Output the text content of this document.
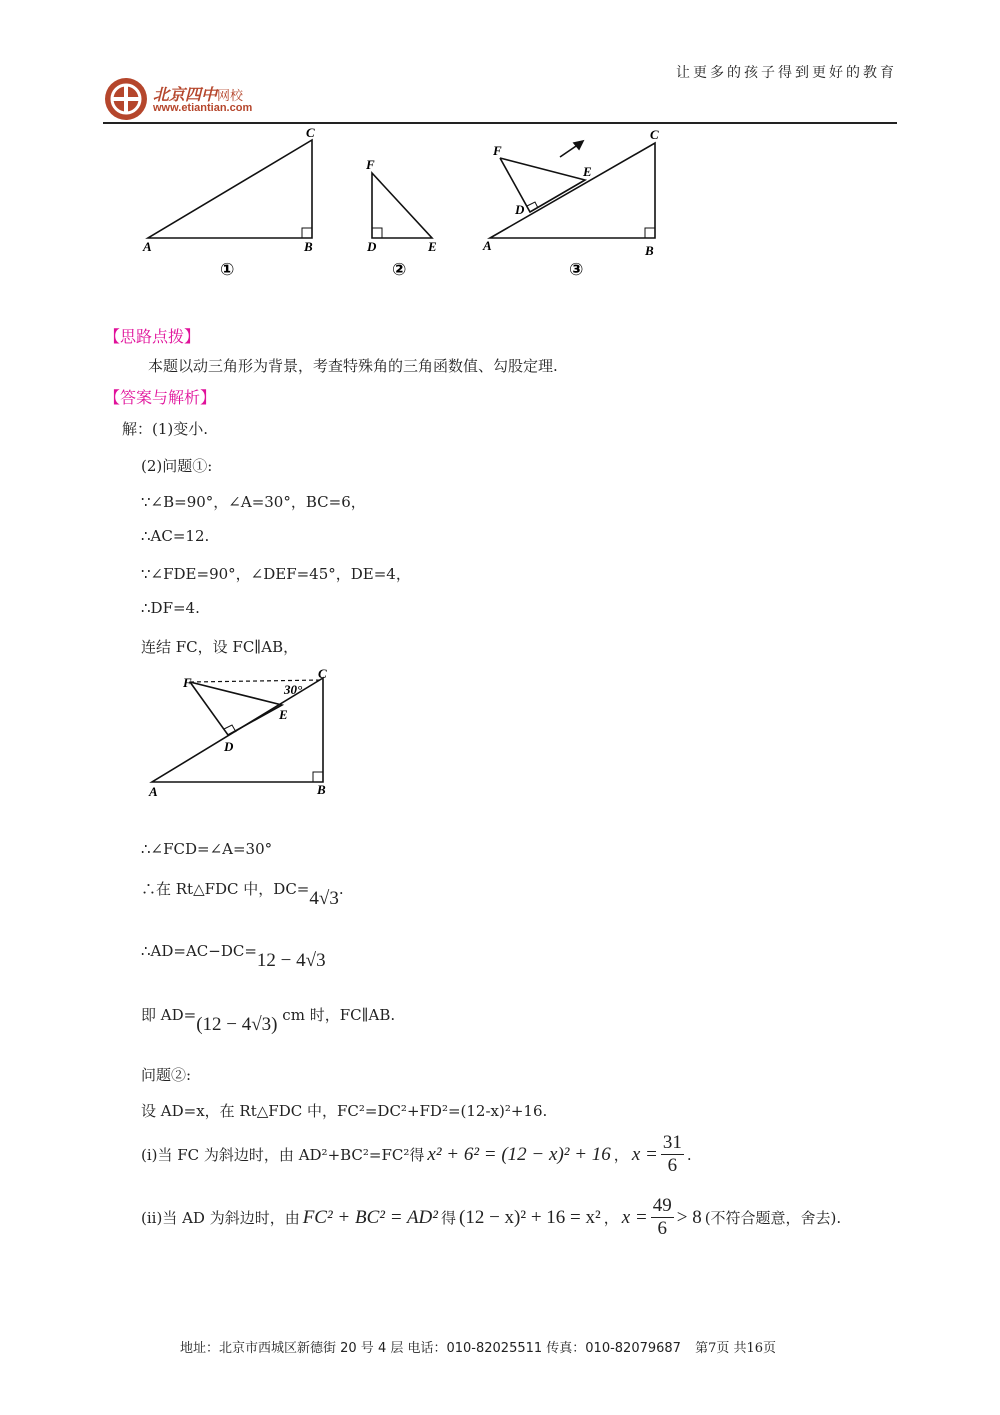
让更多的孩子得到更好的教育
北京四中网校
www.etiantian.com
A	B
C
F
D	E
F
E
D
A	B
C
①	②	③
【思路点拨】
本题以动三角形为背景，考查特殊角的三角函数值、勾股定理.
【答案与解析】
解：(1)变小.
(2)问题①:
∵∠B=90°，∠A=30°，BC=6，
∴AC=12.
∵∠FDE=90°，∠DEF=45°，DE=4，
∴DF=4.
连结 FC，设 FC∥AB，
F
C
E
D
A	B
30°
∴∠FCD=∠A=30°
∴在 Rt△FDC 中，DC=4√3.
∴AD=AC−DC=12 − 4√3
即 AD=(12 − 4√3) cm 时，FC∥AB.
问题②:
设 AD=x，在 Rt△FDC 中，FC²=DC²+FD²=(12-x)²+16.
(i)当 FC 为斜边时，由 AD²+BC²=FC²得 x² + 6² = (12 − x)² + 16 ， $x = \frac{31}{6}$ .
(ii)当 AD 为斜边时，由 FC² + BC² = AD² 得 (12 − x)² + 16 = x² ， $x = \frac{49}{6} > 8$ (不符合题意，舍去).
地址：北京市西城区新德街 20 号 4 层 电话：010-82025511 传真：010-82079687 第7页 共16页
